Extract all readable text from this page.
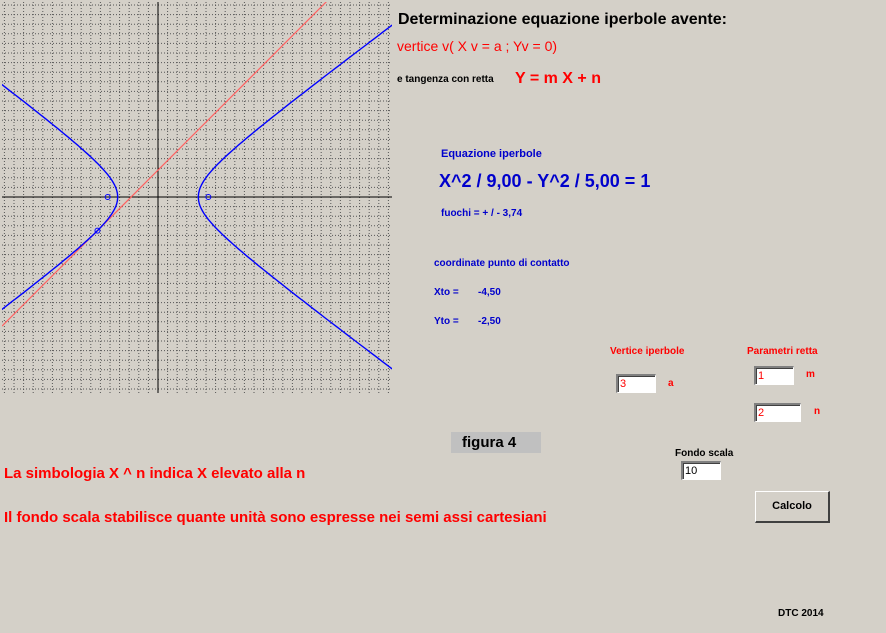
Determinazione equazione iperbole avente:
vertice v( X v = a ; Yv = 0)
e tangenza con retta Y = m X + n
Equazione iperbole
X^2 / 9,00 - Y^2 / 5,00 = 1
fuochi = + / - 3,74
coordinate punto di contatto
Xto = -4,50
Yto = -2,50
Vertice iperbole
3	a
Parametri retta
1	m
2	n
figura 4
Fondo scala
10
La simbologia X ^ n indica X elevato alla n
Il fondo scala stabilisce quante unità sono espresse nei semi assi cartesiani
Calcolo
DTC 2014
